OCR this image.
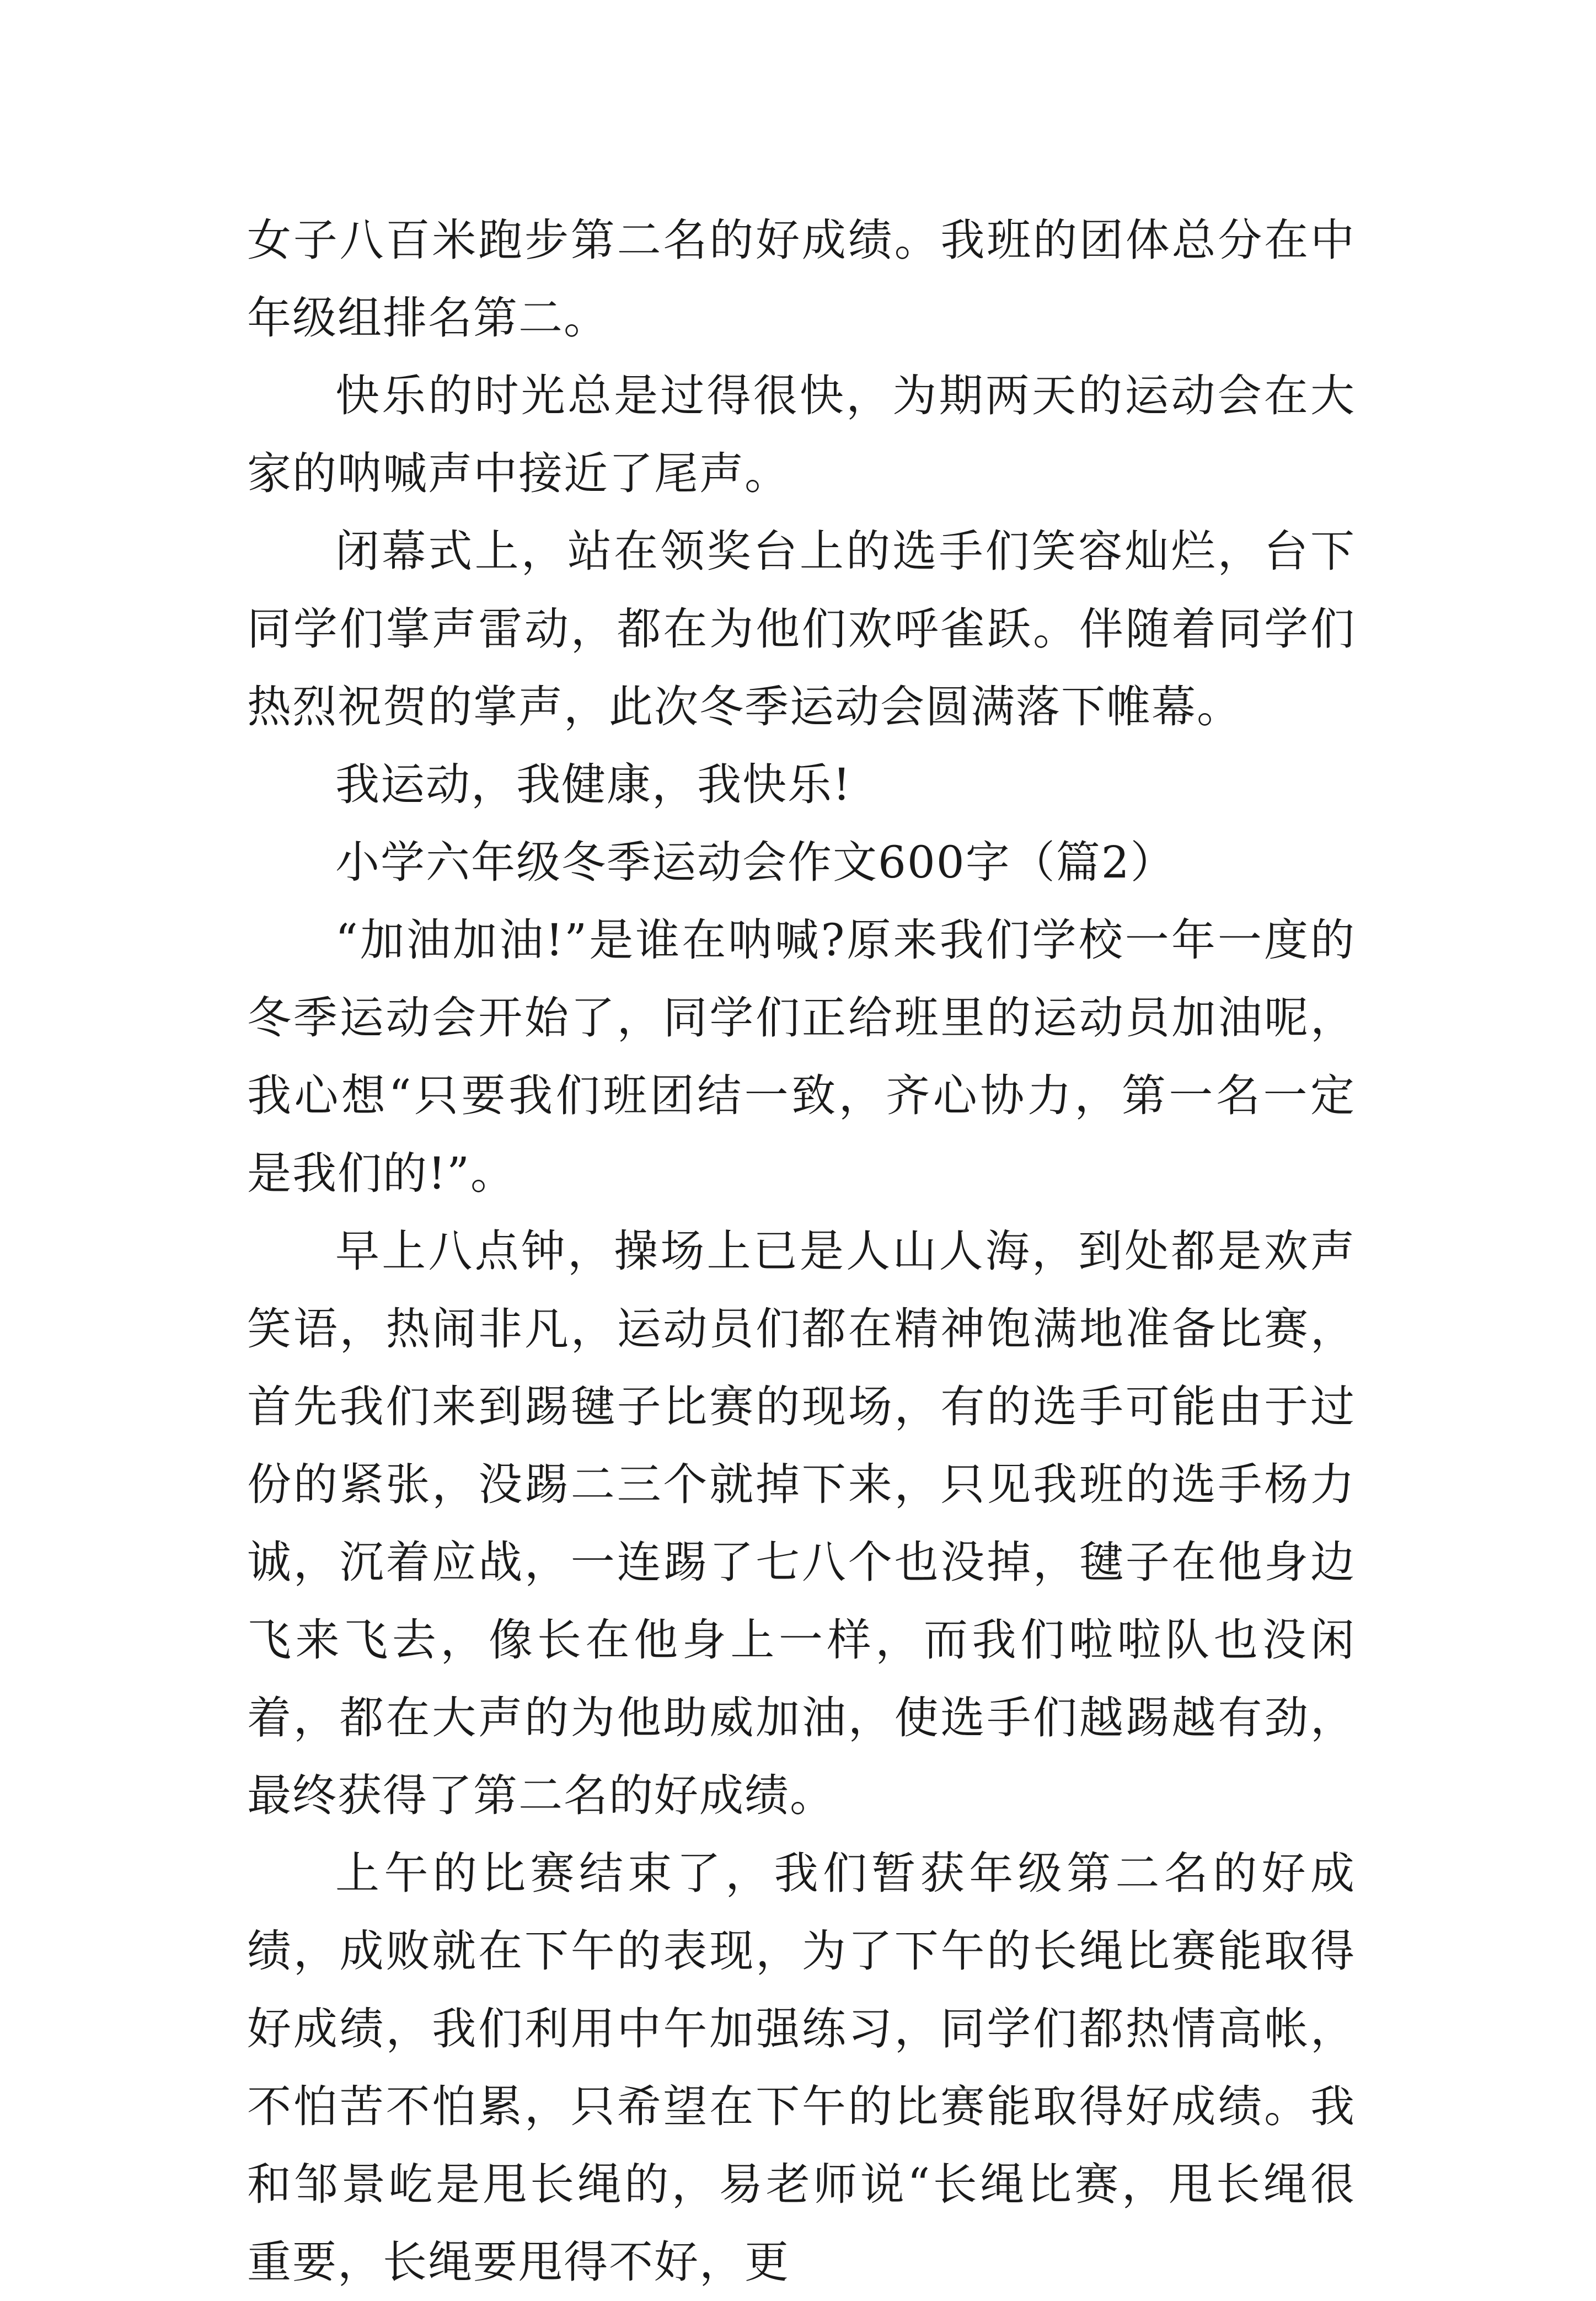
女子八百米跑步第二名的好成绩。我班的团体总分在中年级组排名第二。

快乐的时光总是过得很快，为期两天的运动会在大家的呐喊声中接近了尾声。

闭幕式上，站在领奖台上的选手们笑容灿烂，台下同学们掌声雷动，都在为他们欢呼雀跃。伴随着同学们热烈祝贺的掌声，此次冬季运动会圆满落下帷幕。

我运动，我健康，我快乐!

小学六年级冬季运动会作文600字（篇2）

“加油加油!”是谁在呐喊?原来我们学校一年一度的冬季运动会开始了，同学们正给班里的运动员加油呢，我心想“只要我们班团结一致，齐心协力，第一名一定是我们的!”。

早上八点钟，操场上已是人山人海，到处都是欢声笑语，热闹非凡，运动员们都在精神饱满地准备比赛，首先我们来到踢毽子比赛的现场，有的选手可能由于过份的紧张，没踢二三个就掉下来，只见我班的选手杨力诚，沉着应战，一连踢了七八个也没掉，毽子在他身边飞来飞去，像长在他身上一样，而我们啦啦队也没闲着，都在大声的为他助威加油，使选手们越踢越有劲，最终获得了第二名的好成绩。

上午的比赛结束了，我们暂获年级第二名的好成绩，成败就在下午的表现，为了下午的长绳比赛能取得好成绩，我们利用中午加强练习，同学们都热情高帐，不怕苦不怕累，只希望在下午的比赛能取得好成绩。我和邹景屹是甩长绳的，易老师说“长绳比赛，甩长绳很重要，长绳要甩得不好，更
